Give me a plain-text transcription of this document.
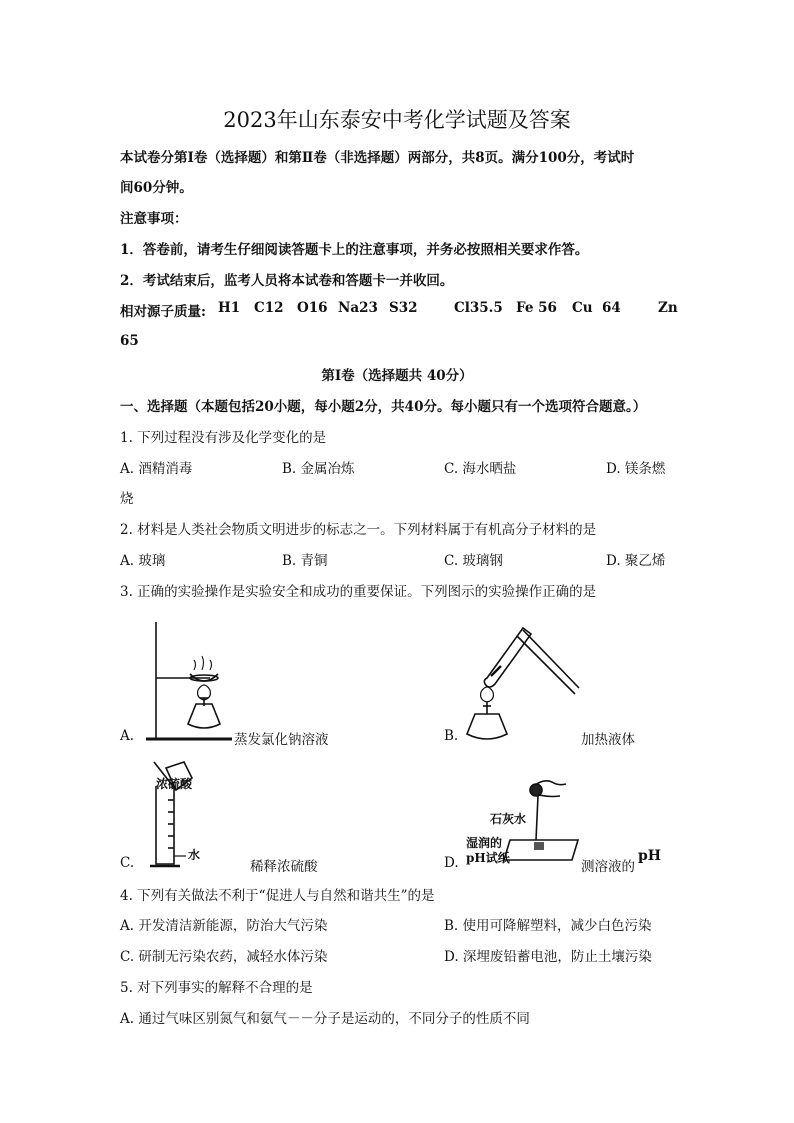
2023年山东泰安中考化学试题及答案
本试卷分第Ⅰ卷（选择题）和第Ⅱ卷（非选择题）两部分，共8页。满分100分，考试时
间60分钟。
注意事项：
1．答卷前，请考生仔细阅读答题卡上的注意事项，并务必按照相关要求作答。
2．考试结束后，监考人员将本试卷和答题卡一并收回。
相对源子质量: H1 C12 O16 Na23 S32	Cl35.5 Fe 56 Cu  64	Zn
65
第Ⅰ卷（选择题共 40分）
一、选择题（本题包括20小题，每小题2分，共40分。每小题只有一个选项符合题意。）
1. 下列过程没有涉及化学变化的是
A. 酒精消毒	B. 金属冶炼	C. 海水晒盐	D. 镁条燃
烧
2. 材料是人类社会物质文明进步的标志之一。下列材料属于有机高分子材料的是
A. 玻璃	B. 青铜	C. 玻璃钢	D. 聚乙烯
3. 正确的实验操作是实验安全和成功的重要保证。下列图示的实验操作正确的是
A.	蒸发氯化钠溶液	B.	加热液体
浓硫酸
水
C.	稀释浓硫酸
石灰水
湿润的
pH试纸
D.	测溶液的
pH
4. 下列有关做法不利于“促进人与自然和谐共生”的是
A. 开发清洁新能源，防治大气污染	B. 使用可降解塑料，减少白色污染
C. 研制无污染农药，减轻水体污染	D. 深埋废铅蓄电池，防止土壤污染
5. 对下列事实的解释不合理的是
A. 通过气味区别氮气和氨气－－分子是运动的，不同分子的性质不同
